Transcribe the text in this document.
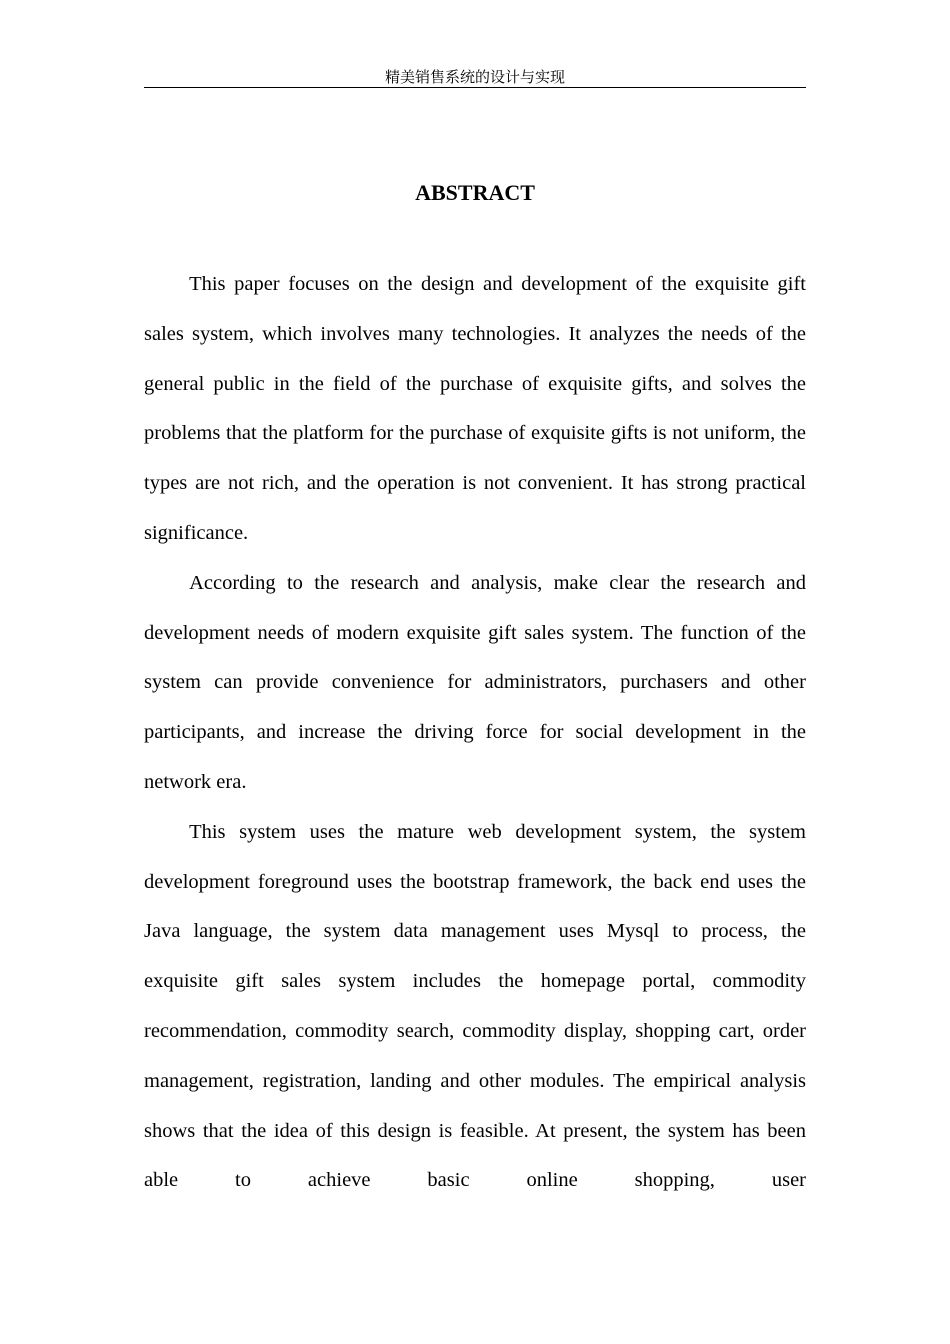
精美销售系统的设计与实现
ABSTRACT

This paper focuses on the design and development of the exquisite gift sales system, which involves many technologies. It analyzes the needs of the general public in the field of the purchase of exquisite gifts, and solves the problems that the platform for the purchase of exquisite gifts is not uniform, the types are not rich, and the operation is not convenient. It has strong practical significance.

According to the research and analysis, make clear the research and development needs of modern exquisite gift sales system. The function of the system can provide convenience for administrators, purchasers and other participants, and increase the driving force for social development in the network era.

This system uses the mature web development system, the system development foreground uses the bootstrap framework, the back end uses the Java language, the system data management uses Mysql to process, the exquisite gift sales system includes the homepage portal, commodity recommendation, commodity search, commodity display, shopping cart, order management, registration, landing and other modules. The empirical analysis shows that the idea of this design is feasible. At present, the system has been able to achieve basic online shopping, user
